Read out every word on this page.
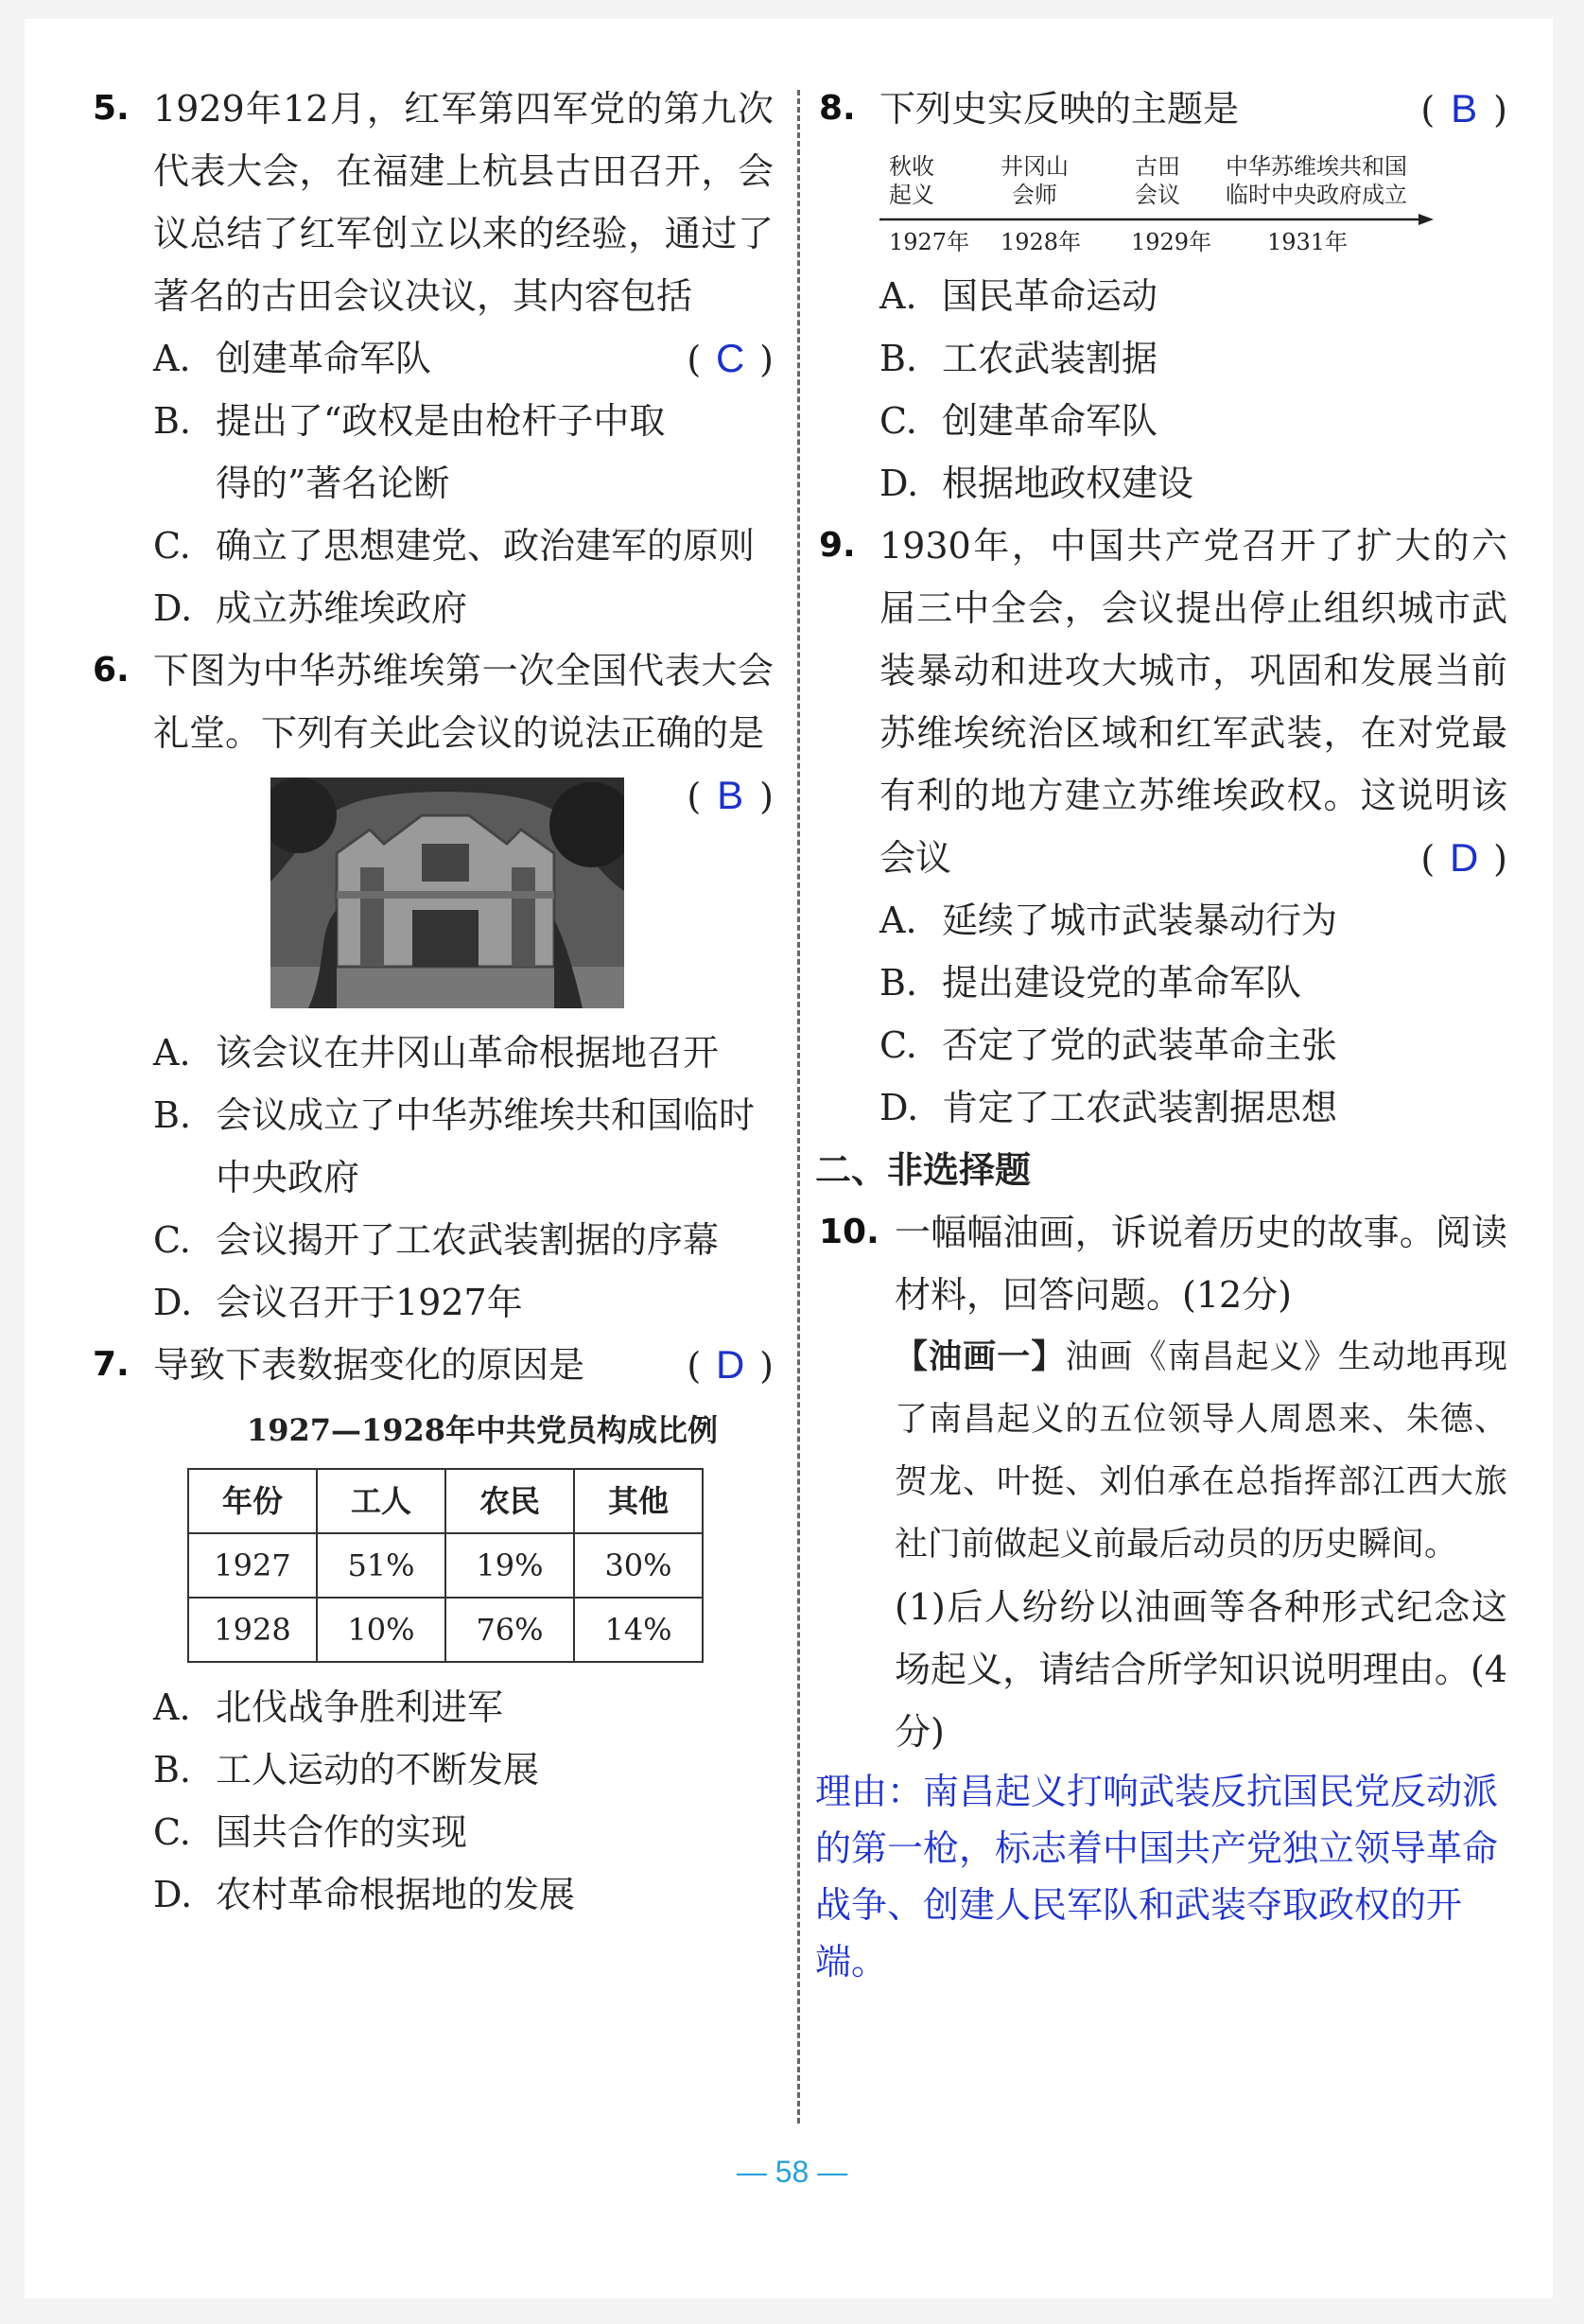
5. 1929年12月，红军第四军党的第九次代表大会，在福建上杭县古田召开，会议总结了红军创立以来的经验，通过了著名的古田会议决议，其内容包括
( C )
A. 创建革命军队
B. 提出了“政权是由枪杆子中取得的”著名论断
C. 确立了思想建党、政治建军的原则
D. 成立苏维埃政府
6. 下图为中华苏维埃第一次全国代表大会礼堂。下列有关此会议的说法正确的是
( B )
A. 该会议在井冈山革命根据地召开
B. 会议成立了中华苏维埃共和国临时中央政府
C. 会议揭开了工农武装割据的序幕
D. 会议召开于1927年
7. 导致下表数据变化的原因是	( D )
1927—1928年中共党员构成比例
年份	工人	农民	其他
1927	51%	19%	30%
1928	10%	76%	14%
A. 北伐战争胜利进军
B. 工人运动的不断发展
C. 国共合作的实现
D. 农村革命根据地的发展
8. 下列史实反映的主题是	( B )
秋收
起义
井冈山
会师
古田
会议
中华苏维埃共和国
临时中央政府成立
1927年 1928年 1929年 1931年
A. 国民革命运动
B. 工农武装割据
C. 创建革命军队
D. 根据地政权建设
9. 1930年，中国共产党召开了扩大的六届三中全会，会议提出停止组织城市武装暴动和进攻大城市，巩固和发展当前苏维埃统治区域和红军武装，在对党最有利的地方建立苏维埃政权。这说明该会议	( D )
A. 延续了城市武装暴动行为
B. 提出建设党的革命军队
C. 否定了党的武装革命主张
D. 肯定了工农武装割据思想
二、非选择题
10. 一幅幅油画，诉说着历史的故事。阅读材料，回答问题。(12分)
【油画一】油画《南昌起义》生动地再现了南昌起义的五位领导人周恩来、朱德、贺龙、叶挺、刘伯承在总指挥部江西大旅社门前做起义前最后动员的历史瞬间。
(1)后人纷纷以油画等各种形式纪念这场起义，请结合所学知识说明理由。(4分)
理由：南昌起义打响武装反抗国民党反动派的第一枪，标志着中国共产党独立领导革命战争、创建人民军队和武装夺取政权的开端。
— 58 —
